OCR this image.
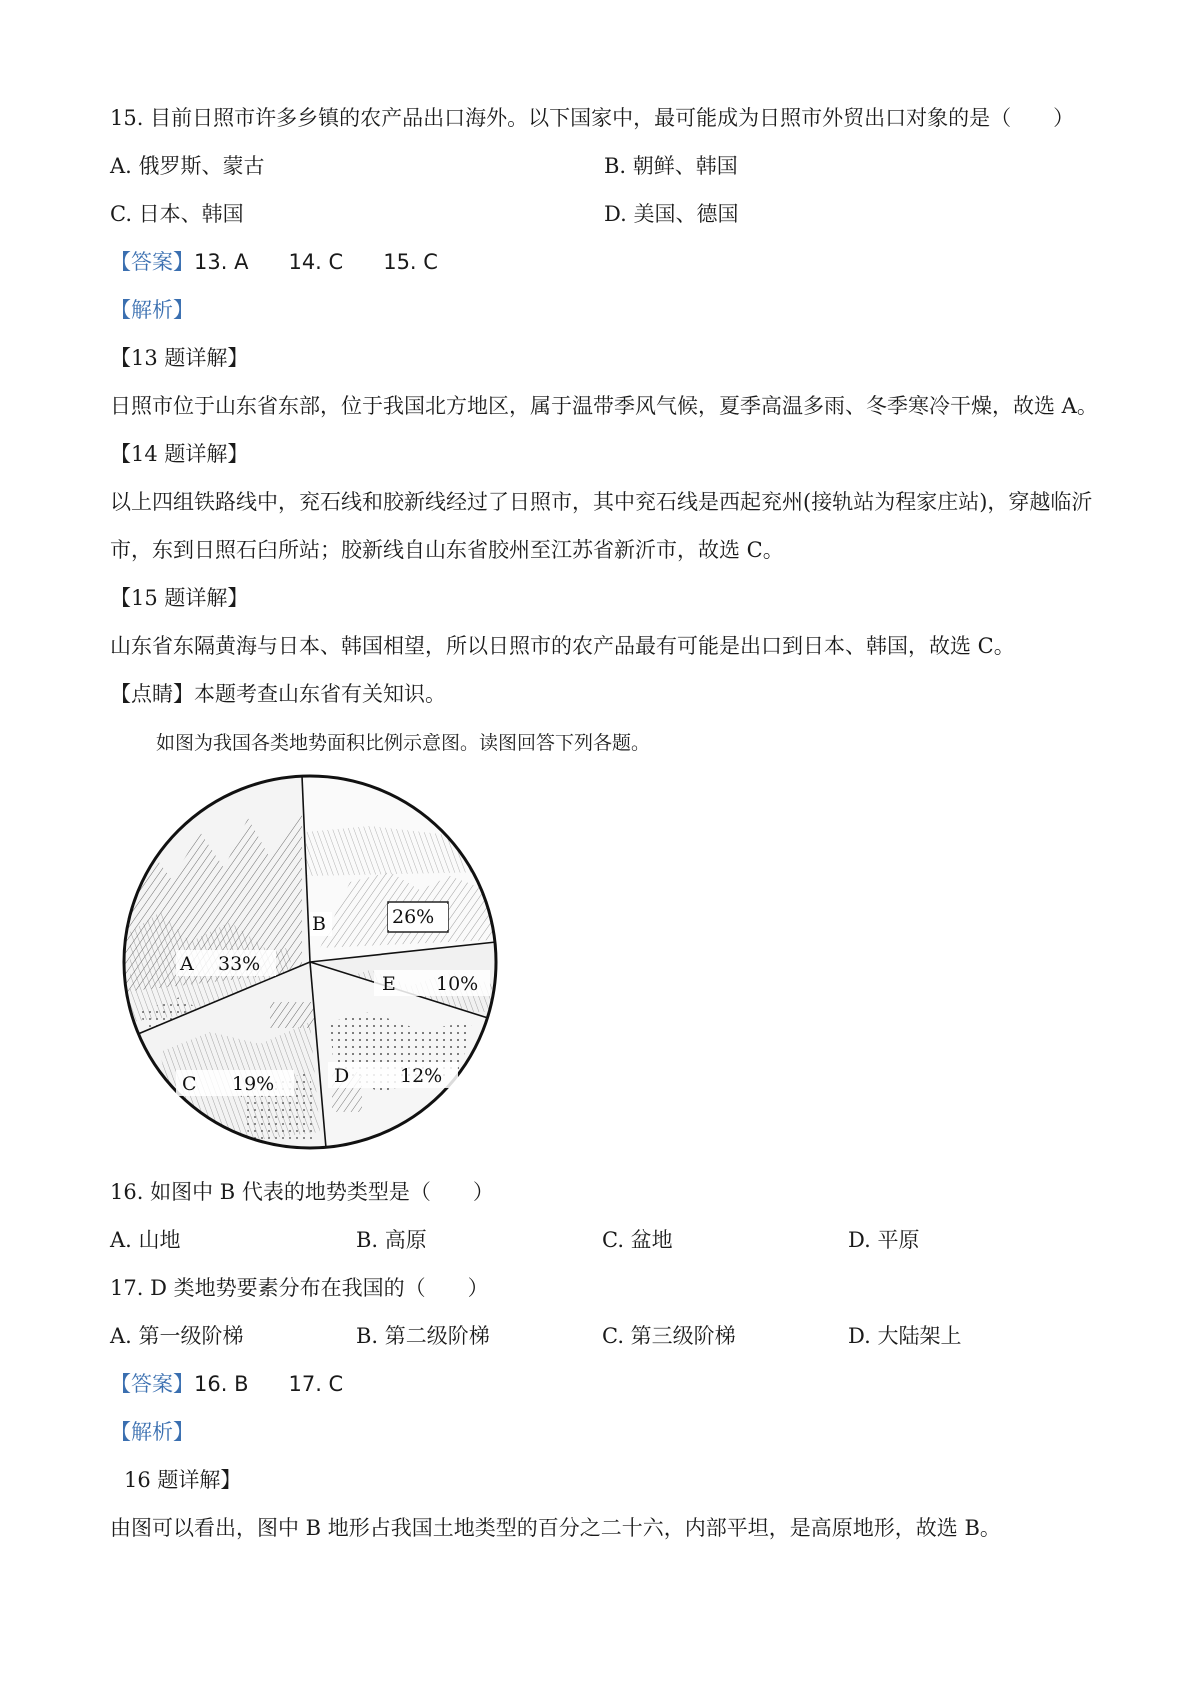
15. 目前日照市许多乡镇的农产品出口海外。以下国家中，最可能成为日照市外贸出口对象的是（　　）
A. 俄罗斯、蒙古	B. 朝鲜、韩国
C. 日本、韩国	D. 美国、德国
【答案】13. A 14. C 15. C
【解析】
【13 题详解】
日照市位于山东省东部，位于我国北方地区，属于温带季风气候，夏季高温多雨、冬季寒冷干燥，故选 A。
【14 题详解】
以上四组铁路线中，兖石线和胶新线经过了日照市，其中兖石线是西起兖州(接轨站为程家庄站)，穿越临沂
市，东到日照石臼所站；胶新线自山东省胶州至江苏省新沂市，故选 C。
【15 题详解】
山东省东隔黄海与日本、韩国相望，所以日照市的农产品最有可能是出口到日本、韩国，故选 C。
【点睛】本题考查山东省有关知识。
如图为我国各类地势面积比例示意图。读图回答下列各题。
A 33%
B	26%
E 10%
C 19%	D	12%
16. 如图中 B 代表的地势类型是（　　）
A. 山地	B. 高原	C. 盆地	D. 平原
17. D 类地势要素分布在我国的（　　）
A. 第一级阶梯	B. 第二级阶梯	C. 第三级阶梯	D. 大陆架上
【答案】16. B 17. C
【解析】
16 题详解】
由图可以看出，图中 B 地形占我国土地类型的百分之二十六，内部平坦，是高原地形，故选 B。
